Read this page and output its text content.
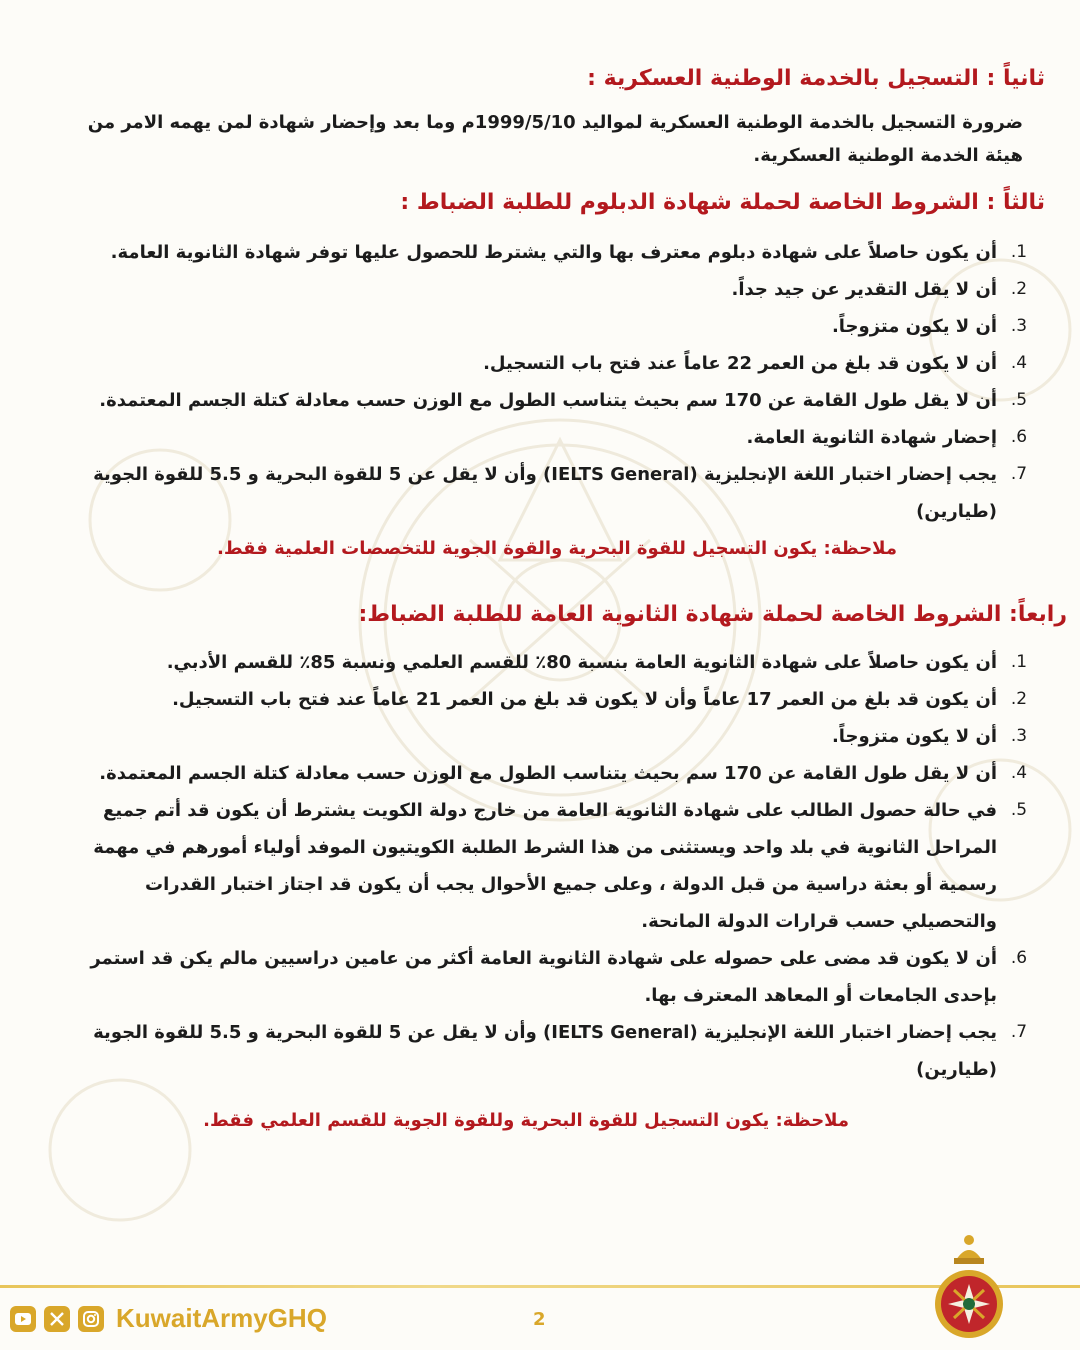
ثانياً : التسجيل بالخدمة الوطنية العسكرية :

ضرورة التسجيل بالخدمة الوطنية العسكرية لمواليد 1999/5/10م وما بعد وإحضار شهادة لمن يهمه الامر من هيئة الخدمة الوطنية العسكرية.

ثالثاً : الشروط الخاصة لحملة شهادة الدبلوم للطلبة الضباط :
1.
أن يكون حاصلاً على شهادة دبلوم معترف بها والتي يشترط للحصول عليها توفر شهادة الثانوية العامة.
2.
أن لا يقل التقدير عن جيد جداً.
3.
أن لا يكون متزوجاً.
4.
أن لا يكون قد بلغ من العمر 22 عاماً عند فتح باب التسجيل.
5.
أن لا يقل طول القامة عن 170 سم بحيث يتناسب الطول مع الوزن حسب معادلة كتلة الجسم المعتمدة.
6.
إحضار شهادة الثانوية العامة.
7.
يجب إحضار اختبار اللغة الإنجليزية (IELTS General) وأن لا يقل عن 5 للقوة البحرية و 5.5 للقوة الجوية (طيارين)
ملاحظة: يكون التسجيل للقوة البحرية والقوة الجوية للتخصصات العلمية فقط.
رابعاً: الشروط الخاصة لحملة شهادة الثانوية العامة للطلبة الضباط:
1.
أن يكون حاصلاً على شهادة الثانوية العامة بنسبة 80٪ للقسم العلمي ونسبة 85٪ للقسم الأدبي.
2.
أن يكون قد بلغ من العمر 17 عاماً وأن لا يكون قد بلغ من العمر 21 عاماً عند فتح باب التسجيل.
3.
أن لا يكون متزوجاً.
4.
أن لا يقل طول القامة عن 170 سم بحيث يتناسب الطول مع الوزن حسب معادلة كتلة الجسم المعتمدة.
5.
في حالة حصول الطالب على شهادة الثانوية العامة من خارج دولة الكويت يشترط أن يكون قد أتم جميع المراحل الثانوية في بلد واحد ويستثنى من هذا الشرط الطلبة الكويتيون الموفد أولياء أمورهم في مهمة رسمية أو بعثة دراسية من قبل الدولة ، وعلى جميع الأحوال يجب أن يكون قد اجتاز اختبار القدرات والتحصيلي حسب قرارات الدولة المانحة.
6.
أن لا يكون قد مضى على حصوله على شهادة الثانوية العامة أكثر من عامين دراسيين مالم يكن قد استمر بإحدى الجامعات أو المعاهد المعترف بها.
7.
يجب إحضار اختبار اللغة الإنجليزية (IELTS General) وأن لا يقل عن 5 للقوة البحرية و 5.5 للقوة الجوية (طيارين)
ملاحظة: يكون التسجيل للقوة البحرية وللقوة الجوية للقسم العلمي فقط.
KuwaitArmyGHQ	2
